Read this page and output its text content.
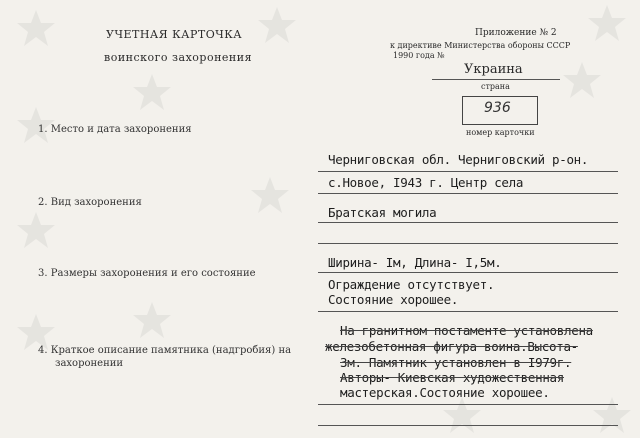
УЧЕТНАЯ КАРТОЧКА
воинского захоронения
Приложение № 2
к директиве Министерства обороны СССР
1990 года №
Украина
страна
936
номер карточки
1. Место и дата захоронения
Черниговская обл. Черниговский р-он.
с.Новое, I943 г. Центр села
2. Вид захоронения
Братская могила
3. Размеры захоронения и его состояние
Ширина- Iм, Длина- I,5м.
Ограждение отсутствует.
Состояние хорошее.
4. Краткое описание памятника (надгробия) на
захоронении
На гранитном постаменте установлена
железобетонная фигура воина.Высота-
3м. Памятник установлен в I979г.
Авторы- Киевская художественная
мастерская.Состояние хорошее.
